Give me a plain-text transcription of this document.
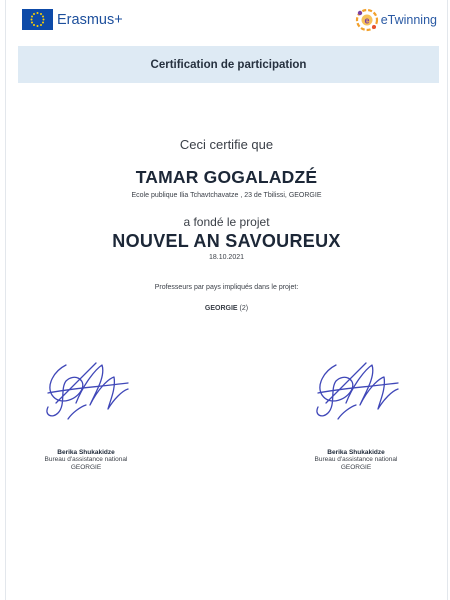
Erasmus+	e eTwinning
Certification de participation
Ceci certifie que
TAMAR GOGALADZÉ
Ecole publique Ilia Tchavtchavatze , 23 de Tbilissi, GEORGIE
a fondé le projet
NOUVEL AN SAVOUREUX
18.10.2021
Professeurs par pays impliqués dans le projet:
GEORGIE (2)
Berika Shukakidze
Bureau d'assistance national
GEORGIE
Berika Shukakidze
Bureau d'assistance national
GEORGIE
